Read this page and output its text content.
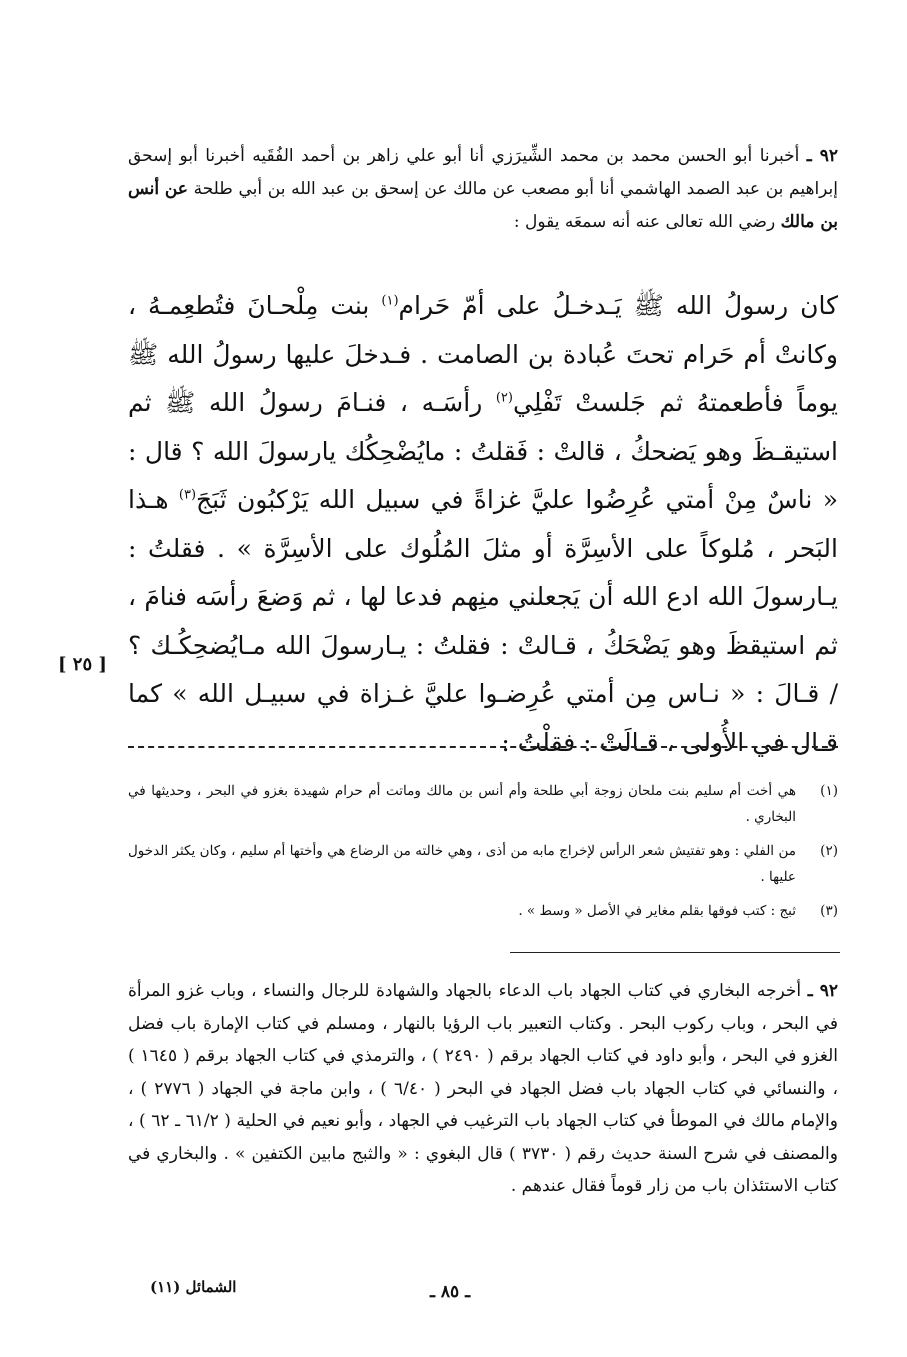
٩٢ ـ أخبرنا أبو الحسن محمد بن محمد الشِّيرَزي أنا أبو علي زاهر بن أحمد الفُقَيه أخبرنا أبو إسحق إبراهيم بن عبد الصمد الهاشمي أنا أبو مصعب عن مالك عن إسحق بن عبد الله بن أبي طلحة عن أنس بن مالك رضي الله تعالى عنه أنه سمعَه يقول :

كان رسولُ الله ﷺ يَـدخـلُ على أمّ حَرام$^{(١)}$ بنت مِلْحـانَ فتُطعِمـهُ ، وكانتْ أم حَرام تحتَ عُبادة بن الصامت . فـدخلَ عليها رسولُ الله ﷺ يوماً فأطعمتهُ ثم جَلستْ تَفْلِي$^{(٢)}$ رأسَـه ، فنـامَ رسولُ الله ﷺ ثم استيقـظَ وهو يَضحكُ ، قالتْ : فَقلتُ : مايُضْحِكُك يارسولَ الله ؟ قال : « ناسٌ مِنْ أمتي عُرِضُوا عليَّ غزاةً في سبيل الله يَرْكبُون ثَبَجَ$^{(٣)}$ هـذا البَحر ، مُلوكاً على الأسِرَّة أو مثلَ المُلُوك على الأسِرَّة » . فقلتُ : يـارسولَ الله ادع الله أن يَجعلني منِهم فدعا لها ، ثم وَضعَ رأسَه فنامَ ، ثم استيقظَ وهو يَضْحَكُ ، قـالتْ : فقلتُ : يـارسولَ الله مـايُضحِكُـك ؟ / قـالَ : « نـاس مِن أمتي عُرِضـوا عليَّ غـزاة في سبيـل الله » كما قـال في الأُولى ، قـالَتْ : فقلْتُ :

[ ٢٥ ]
(١)
هي أخت أم سليم بنت ملحان زوجة أبي طلحة وأم أنس بن مالك وماتت أم حرام شهيدة بغزو في البحر ، وحديثها في البخاري .
(٢)
من الفلي : وهو تفتيش شعر الرأس لإخراج مابه من أذى ، وهي خالته من الرضاع هي وأختها أم سليم ، وكان يكثر الدخول عليها .
(٣)
ثبج : كتب فوقها بقلم مغاير في الأصل « وسط » .
٩٢ ـ أخرجه البخاري في كتاب الجهاد باب الدعاء بالجهاد والشهادة للرجال والنساء ، وباب غزو المرأة في البحر ، وباب ركوب البحر . وكتاب التعبير باب الرؤيا بالنهار ، ومسلم في كتاب الإمارة باب فضل الغزو في البحر ، وأبو داود في كتاب الجهاد برقم ( ٢٤٩٠ ) ، والترمذي في كتاب الجهاد برقم ( ١٦٤٥ ) ، والنسائي في كتاب الجهاد باب فضل الجهاد في البحر ( ٦/٤٠ ) ، وابن ماجة في الجهاد ( ٢٧٧٦ ) ، والإمام مالك في الموطأ في كتاب الجهاد باب الترغيب في الجهاد ، وأبو نعيم في الحلية ( ٦١/٢ ـ ٦٢ ) ، والمصنف في شرح السنة حديث رقم ( ٣٧٣٠ ) قال البغوي : « والثبج مابين الكتفين » . والبخاري في كتاب الاستئذان باب من زار قوماً فقال عندهم .
الشمائل (١١)	ـ ٨٥ ـ
